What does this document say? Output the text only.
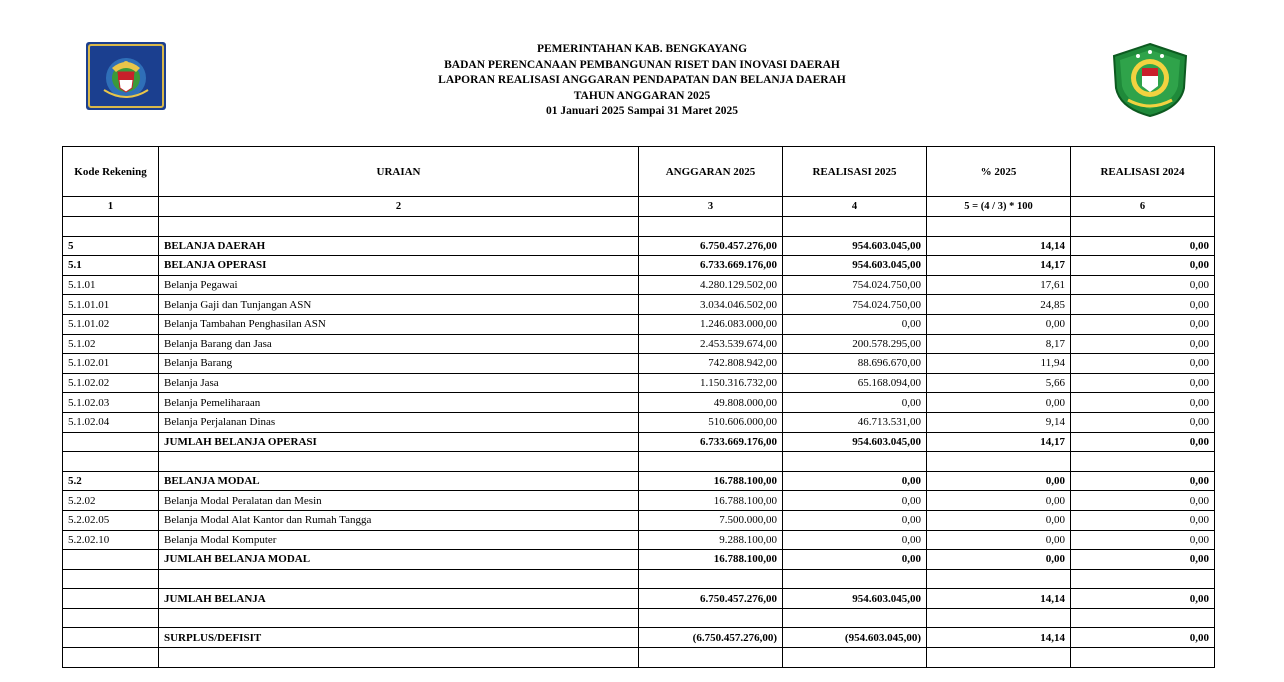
PEMERINTAHAN KAB. BENGKAYANG
BADAN PERENCANAAN PEMBANGUNAN RISET DAN INOVASI DAERAH
LAPORAN REALISASI ANGGARAN PENDAPATAN DAN BELANJA DAERAH
TAHUN ANGGARAN 2025
01 Januari 2025 Sampai 31 Maret 2025
Kode Rekening	URAIAN	ANGGARAN 2025	REALISASI 2025	% 2025	REALISASI 2024
1	2	3	4	5 = (4 / 3) * 100	6

5	BELANJA DAERAH	6.750.457.276,00	954.603.045,00	14,14	0,00
5.1	BELANJA OPERASI	6.733.669.176,00	954.603.045,00	14,17	0,00
5.1.01	Belanja Pegawai	4.280.129.502,00	754.024.750,00	17,61	0,00
5.1.01.01	Belanja Gaji dan Tunjangan ASN	3.034.046.502,00	754.024.750,00	24,85	0,00
5.1.01.02	Belanja Tambahan Penghasilan ASN	1.246.083.000,00	0,00	0,00	0,00
5.1.02	Belanja Barang dan Jasa	2.453.539.674,00	200.578.295,00	8,17	0,00
5.1.02.01	Belanja Barang	742.808.942,00	88.696.670,00	11,94	0,00
5.1.02.02	Belanja Jasa	1.150.316.732,00	65.168.094,00	5,66	0,00
5.1.02.03	Belanja Pemeliharaan	49.808.000,00	0,00	0,00	0,00
5.1.02.04	Belanja Perjalanan Dinas	510.606.000,00	46.713.531,00	9,14	0,00
	JUMLAH BELANJA OPERASI	6.733.669.176,00	954.603.045,00	14,17	0,00

5.2	BELANJA MODAL	16.788.100,00	0,00	0,00	0,00
5.2.02	Belanja Modal Peralatan dan Mesin	16.788.100,00	0,00	0,00	0,00
5.2.02.05	Belanja Modal Alat Kantor dan Rumah Tangga	7.500.000,00	0,00	0,00	0,00
5.2.02.10	Belanja Modal Komputer	9.288.100,00	0,00	0,00	0,00
	JUMLAH BELANJA MODAL	16.788.100,00	0,00	0,00	0,00

	JUMLAH BELANJA	6.750.457.276,00	954.603.045,00	14,14	0,00

	SURPLUS/DEFISIT	(6.750.457.276,00)	(954.603.045,00)	14,14	0,00
